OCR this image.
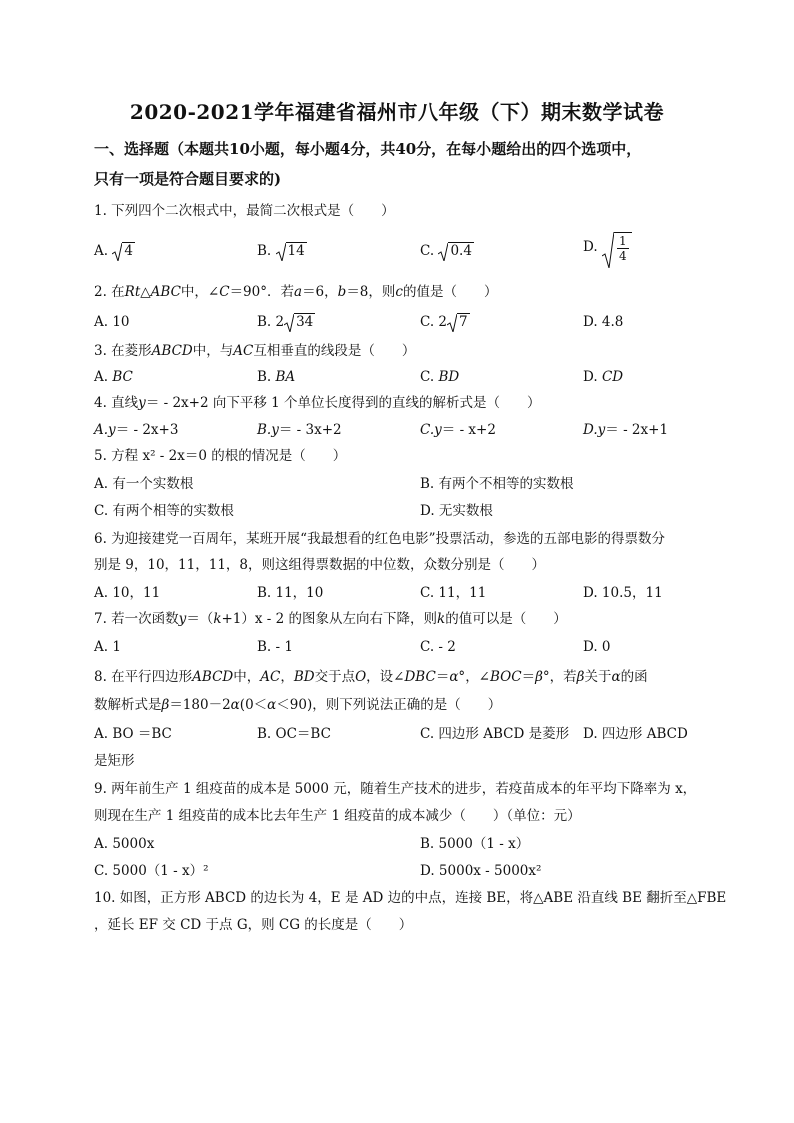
2020-2021学年福建省福州市八年级（下）期末数学试卷
一、选择题（本题共10小题，每小题4分，共40分，在每小题给出的四个选项中，
只有一项是符合题目要求的)
1. 下列四个二次根式中，最简二次根式是（　　）
A. 4	B. 14	C. 0.4	D. $\frac{1}{4}$
2. 在Rt△ABC中，∠C＝90°．若a＝6，b＝8，则c的值是（　　）
A. 10	B. 2 34	C. 2 7	D. 4.8
3. 在菱形ABCD中，与AC互相垂直的线段是（　　）
A. BC	B. BA	C. BD	D. CD
4. 直线y＝ - 2x+2 向下平移 1 个单位长度得到的直线的解析式是（　　）
A.y＝ - 2x+3	B.y＝ - 3x+2	C.y＝ - x+2	D.y＝ - 2x+1
5. 方程 x² - 2x＝0 的根的情况是（　　）
A. 有一个实数根	B. 有两个不相等的实数根
C. 有两个相等的实数根	D. 无实数根
6. 为迎接建党一百周年，某班开展“我最想看的红色电影”投票活动，参选的五部电影的得票数分
别是 9，10，11，11，8，则这组得票数据的中位数，众数分别是（　　）
A. 10，11	B. 11，10	C. 11，11	D. 10.5，11
7. 若一次函数y＝（k+1）x - 2 的图象从左向右下降，则k的值可以是（　　）
A. 1	B. - 1	C. - 2	D. 0
8. 在平行四边形ABCD中，AC，BD交于点O，设∠DBC＝α°，∠BOC＝β°，若β关于α的函
数解析式是β＝180－2α(0＜α＜90)，则下列说法正确的是（　　）
A. BO ＝BC	B. OC＝BC	C. 四边形 ABCD 是菱形 D. 四边形 ABCD
是矩形
9. 两年前生产 1 组疫苗的成本是 5000 元，随着生产技术的进步，若疫苗成本的年平均下降率为 x，
则现在生产 1 组疫苗的成本比去年生产 1 组疫苗的成本减少（　　）（单位：元）
A. 5000x	B. 5000（1 - x）
C. 5000（1 - x）²	D. 5000x - 5000x²
10. 如图，正方形 ABCD 的边长为 4，E 是 AD 边的中点，连接 BE，将△ABE 沿直线 BE 翻折至△FBE
，延长 EF 交 CD 于点 G，则 CG 的长度是（　　）
